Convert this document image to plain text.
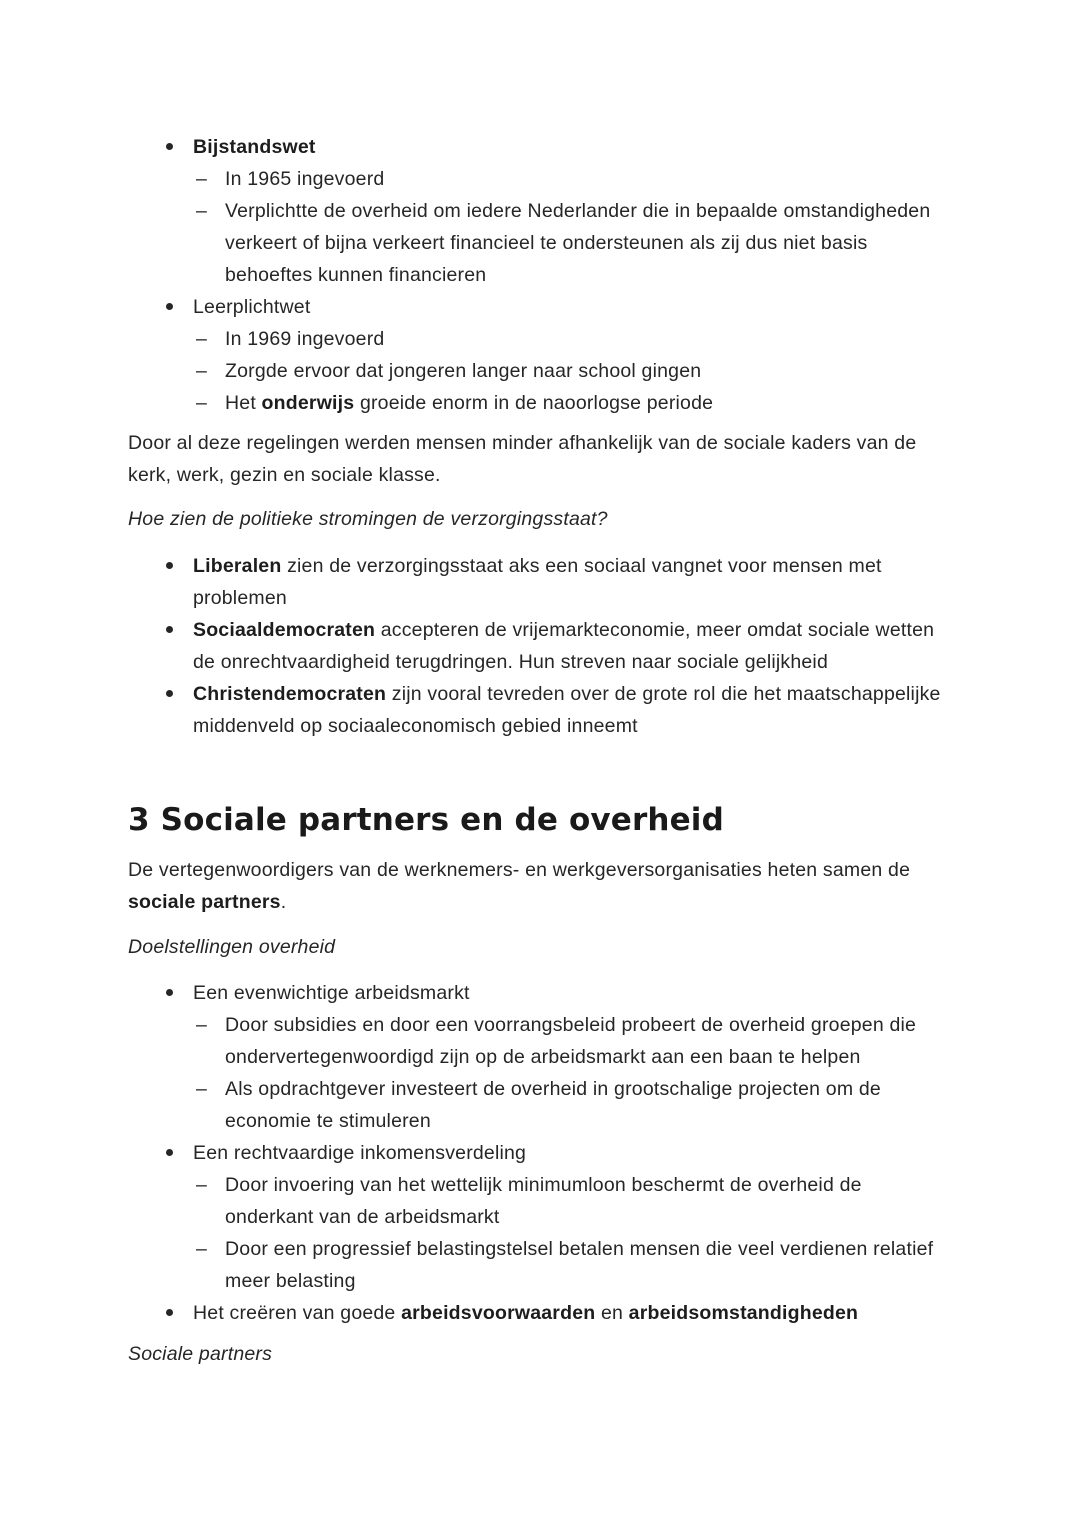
Bijstandswet
–
In 1965 ingevoerd
–
Verplichtte de overheid om iedere Nederlander die in bepaalde omstandigheden verkeert of bijna verkeert financieel te ondersteunen als zij dus niet basis behoeftes kunnen financieren
Leerplichtwet
–
In 1969 ingevoerd
–
Zorgde ervoor dat jongeren langer naar school gingen
–
Het onderwijs groeide enorm in de naoorlogse periode

Door al deze regelingen werden mensen minder afhankelijk van de sociale kaders van de kerk, werk, gezin en sociale klasse.

Hoe zien de politieke stromingen de verzorgingsstaat?

Liberalen zien de verzorgingsstaat aks een sociaal vangnet voor mensen met problemen
Sociaaldemocraten accepteren de vrijemarkteconomie, meer omdat sociale wetten de onrechtvaardigheid terugdringen. Hun streven naar sociale gelijkheid
Christendemocraten zijn vooral tevreden over de grote rol die het maatschappelijke middenveld op sociaaleconomisch gebied inneemt
3 Sociale partners en de overheid

De vertegenwoordigers van de werknemers- en werkgeversorganisaties heten samen de sociale partners.

Doelstellingen overheid

Een evenwichtige arbeidsmarkt
–
Door subsidies en door een voorrangsbeleid probeert de overheid groepen die ondervertegenwoordigd zijn op de arbeidsmarkt aan een baan te helpen
–
Als opdrachtgever investeert de overheid in grootschalige projecten om de economie te stimuleren
Een rechtvaardige inkomensverdeling
–
Door invoering van het wettelijk minimumloon beschermt de overheid de onderkant van de arbeidsmarkt
–
Door een progressief belastingstelsel betalen mensen die veel verdienen relatief meer belasting
Het creëren van goede arbeidsvoorwaarden en arbeidsomstandigheden

Sociale partners
